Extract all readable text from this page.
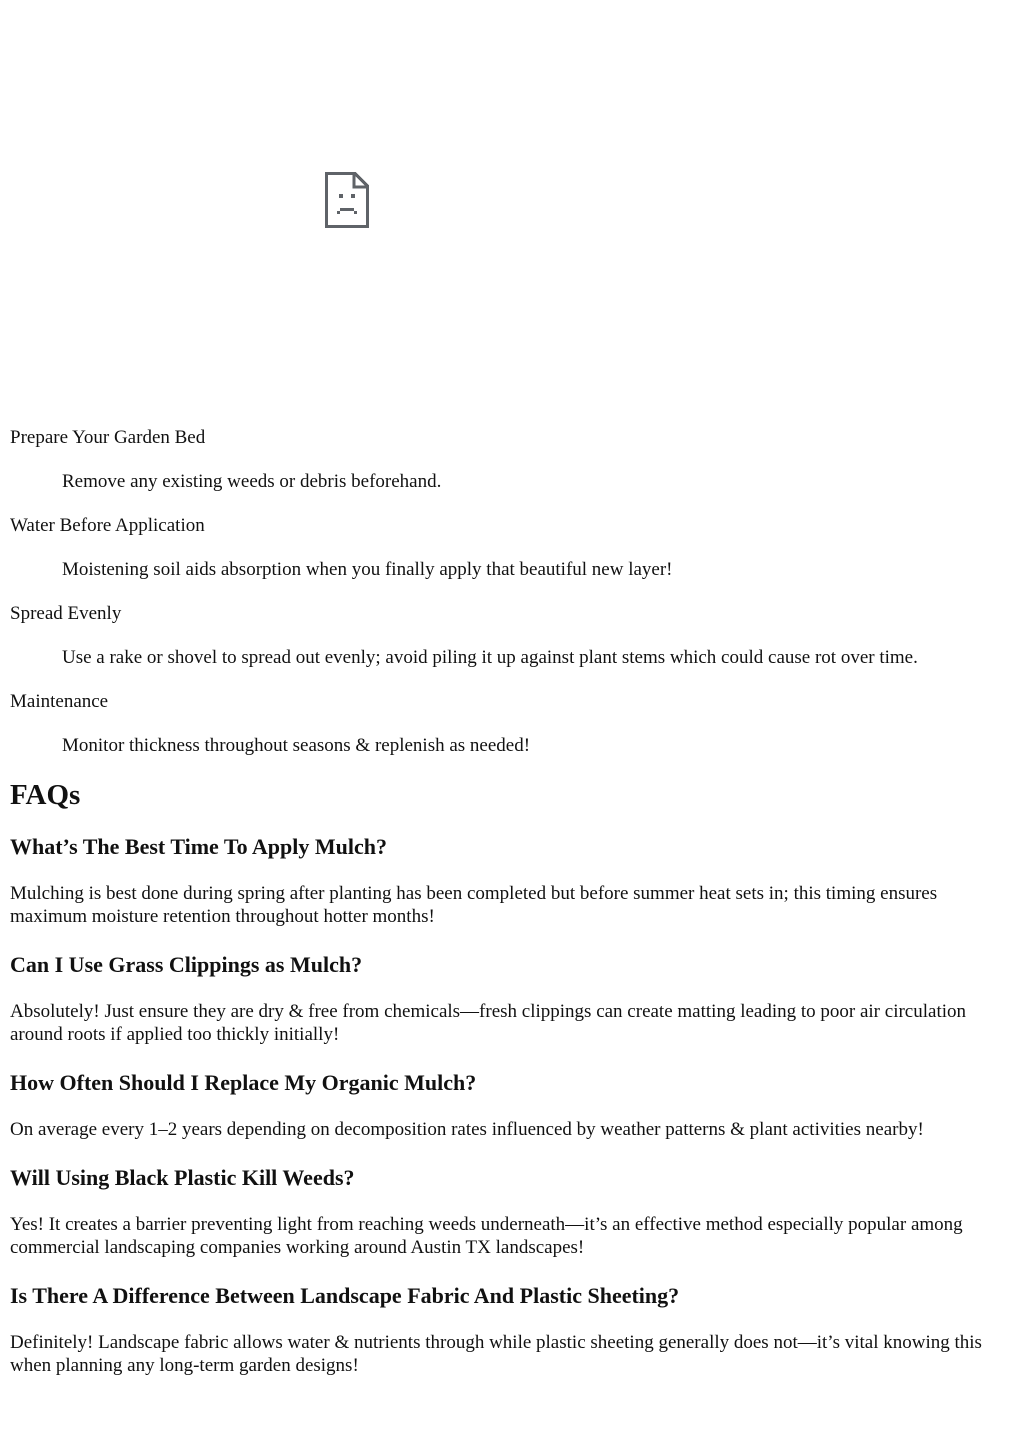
Prepare Your Garden Bed
Remove any existing weeds or debris beforehand.
Water Before Application
Moistening soil aids absorption when you finally apply that beautiful new layer!
Spread Evenly
Use a rake or shovel to spread out evenly; avoid piling it up against plant stems which could cause rot over time.
Maintenance
Monitor thickness throughout seasons & replenish as needed!
FAQs
What’s The Best Time To Apply Mulch?

Mulching is best done during spring after planting has been completed but before summer heat sets in; this timing ensures maximum moisture retention throughout hotter months!

Can I Use Grass Clippings as Mulch?

Absolutely! Just ensure they are dry & free from chemicals—fresh clippings can create matting leading to poor air circulation around roots if applied too thickly initially!

How Often Should I Replace My Organic Mulch?

On average every 1–2 years depending on decomposition rates influenced by weather patterns & plant activities nearby!

Will Using Black Plastic Kill Weeds?

Yes! It creates a barrier preventing light from reaching weeds underneath—it’s an effective method especially popular among commercial landscaping companies working around Austin TX landscapes!

Is There A Difference Between Landscape Fabric And Plastic Sheeting?

Definitely! Landscape fabric allows water & nutrients through while plastic sheeting generally does not—it’s vital knowing this when planning any long-term garden designs!
